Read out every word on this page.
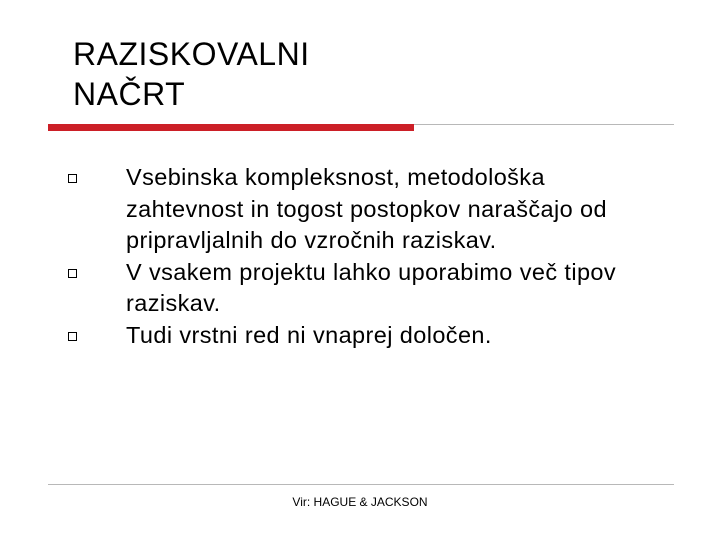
RAZISKOVALNI
NAČRT
Vsebinska kompleksnost, metodološka zahtevnost in togost postopkov naraščajo od pripravljalnih do vzročnih raziskav.
V vsakem projektu lahko uporabimo več tipov raziskav.
Tudi vrstni red ni vnaprej določen.
Vir: HAGUE & JACKSON
